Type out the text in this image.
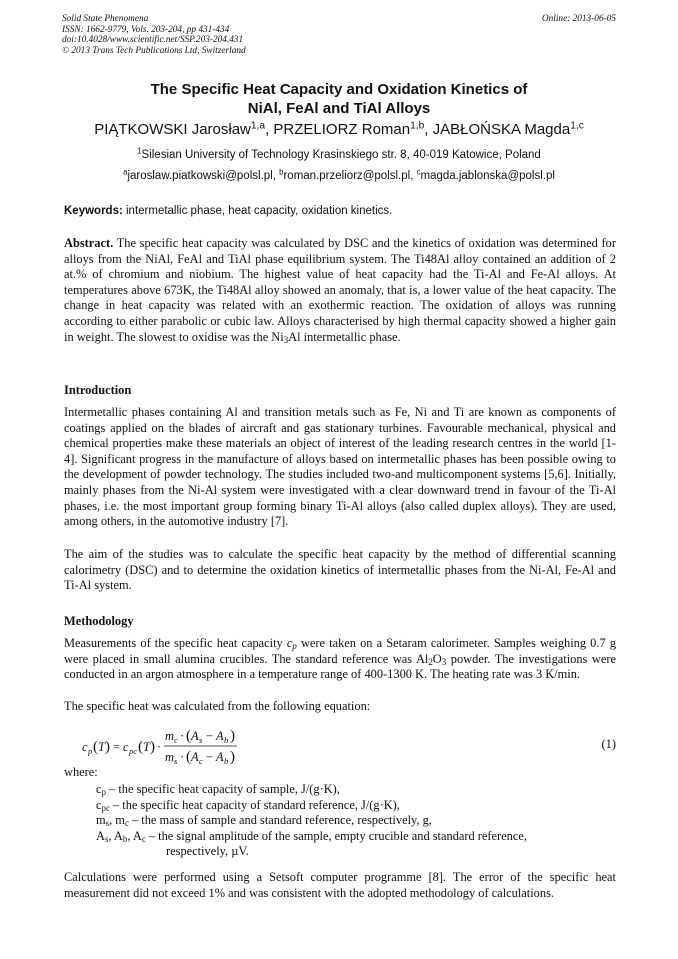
Solid State Phenomena
ISSN: 1662-9779, Vols. 203-204, pp 431-434
doi:10.4028/www.scientific.net/SSP.203-204.431
© 2013 Trans Tech Publications Ltd, Switzerland
Online: 2013-06-05
The Specific Heat Capacity and Oxidation Kinetics of
NiAl, FeAl and TiAl Alloys
PIĄTKOWSKI Jarosław$^{1,a}$, PRZELIORZ Roman$^{1,b}$, JABŁOŃSKA Magda$^{1,c}$
$^1$Silesian University of Technology Krasinskiego str. 8, 40-019 Katowice, Poland
$^a$jaroslaw.piatkowski@polsl.pl, $^b$roman.przeliorz@polsl.pl, $^c$magda.jablonska@polsl.pl
Keywords: intermetallic phase, heat capacity, oxidation kinetics.
Abstract. The specific heat capacity was calculated by DSC and the kinetics of oxidation was determined for alloys from the NiAl, FeAl and TiAl phase equilibrium system. The Ti48Al alloy contained an addition of 2 at.% of chromium and niobium. The highest value of heat capacity had the Ti-Al and Fe-Al alloys. At temperatures above 673K, the Ti48Al alloy showed an anomaly, that is, a lower value of the heat capacity. The change in heat capacity was related with an exothermic reaction. The oxidation of alloys was running according to either parabolic or cubic law. Alloys characterised by high thermal capacity showed a higher gain in weight. The slowest to oxidise was the $Ni_3Al$ intermetallic phase.
Introduction
Intermetallic phases containing Al and transition metals such as Fe, Ni and Ti are known as components of coatings applied on the blades of aircraft and gas stationary turbines. Favourable mechanical, physical and chemical properties make these materials an object of interest of the leading research centres in the world [1-4]. Significant progress in the manufacture of alloys based on intermetallic phases has been possible owing to the development of powder technology. The studies included two-and multicomponent systems [5,6]. Initially, mainly phases from the Ni-Al system were investigated with a clear downward trend in favour of the Ti-Al phases, i.e. the most important group forming binary Ti-Al alloys (also called duplex alloys). They are used, among others, in the automotive industry [7].
The aim of the studies was to calculate the specific heat capacity by the method of differential scanning calorimetry (DSC) and to determine the oxidation kinetics of intermetallic phases from the Ni-Al, Fe-Al and Ti-Al system.
Methodology
Measurements of the specific heat capacity $c_p$ were taken on a Setaram calorimeter. Samples weighing 0.7 g were placed in small alumina crucibles. The standard reference was $Al_2O_3$ powder. The investigations were conducted in an argon atmosphere in a temperature range of 400-1300 K. The heating rate was 3 K/min.
The specific heat was calculated from the following equation:
c p ( T ) = c pc ( T ) ·
m c · ( A s − A b )
m s · ( A c − A b )
(1)
where:
$c_p$ – the specific heat capacity of sample, J/(g·K),
$c_{pc}$ – the specific heat capacity of standard reference, J/(g·K),
$m_s$, $m_c$ – the mass of sample and standard reference, respectively, g,
$A_s$, $A_b$, $A_c$ – the signal amplitude of the sample, empty crucible and standard reference,
respectively, µV.
Calculations were performed using a Setsoft computer programme [8]. The error of the specific heat measurement did not exceed 1% and was consistent with the adopted methodology of calculations.
